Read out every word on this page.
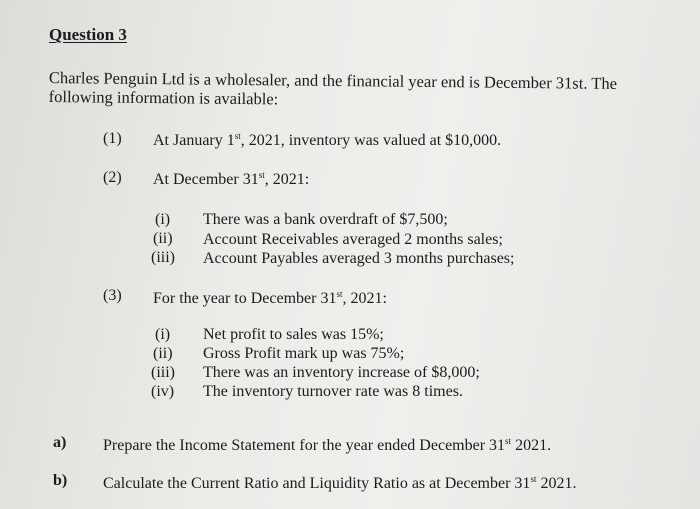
Question 3
Charles Penguin Ltd is a wholesaler, and the financial year end is December 31st. The following information is available:
(1) At January 1st, 2021, inventory was valued at $10,000.
(2) At December 31st, 2021:
(i) There was a bank overdraft of $7,500;
(ii) Account Receivables averaged 2 months sales;
(iii) Account Payables averaged 3 months purchases;
(3) For the year to December 31st, 2021:
(i) Net profit to sales was 15%;
(ii) Gross Profit mark up was 75%;
(iii) There was an inventory increase of $8,000;
(iv) The inventory turnover rate was 8 times.
a) Prepare the Income Statement for the year ended December 31st 2021.
b) Calculate the Current Ratio and Liquidity Ratio as at December 31st 2021.
